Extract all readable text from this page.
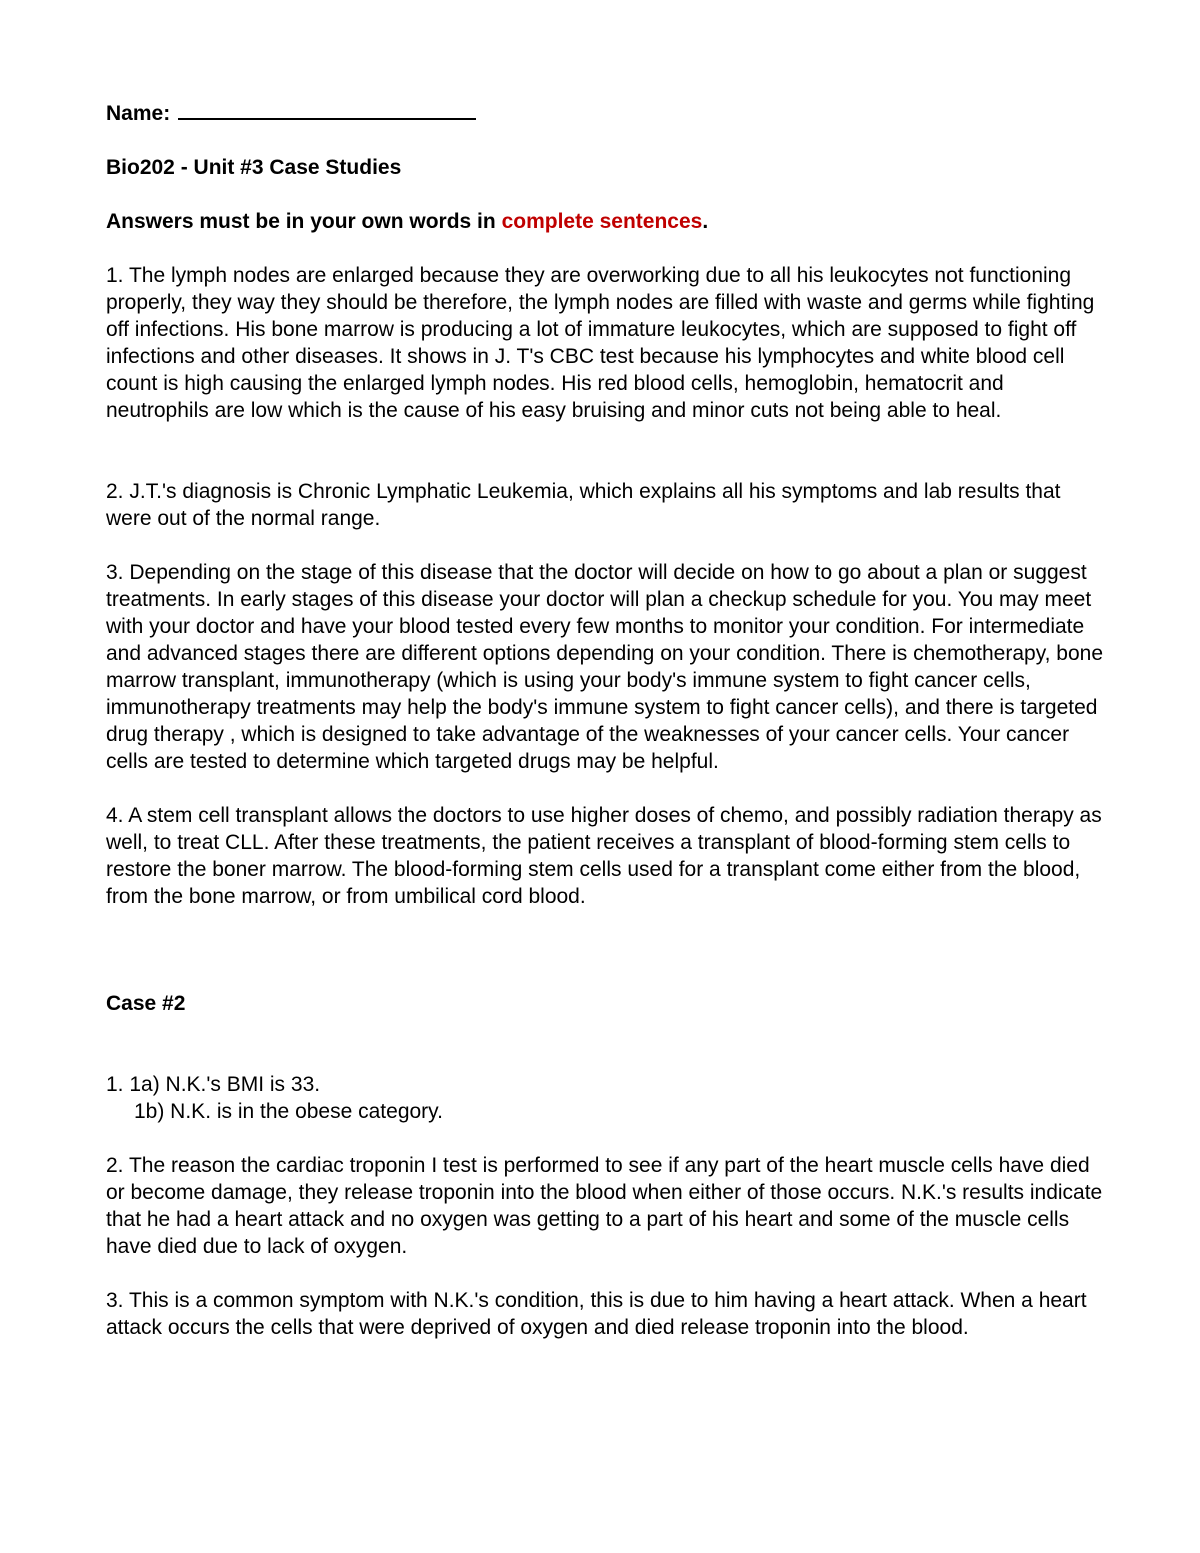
Name:

Bio202 - Unit #3 Case Studies

Answers must be in your own words in complete sentences.

1. The lymph nodes are enlarged because they are overworking due to all his leukocytes not functioning properly, they way they should be therefore, the lymph nodes are filled with waste and germs while fighting off infections. His bone marrow is producing a lot of immature leukocytes, which are supposed to fight off infections and other diseases. It shows in J. T's CBC test because his lymphocytes and white blood cell count is high causing the enlarged lymph nodes. His red blood cells, hemoglobin, hematocrit and neutrophils are low which is the cause of his easy bruising and minor cuts not being able to heal.

2. J.T.'s diagnosis is Chronic Lymphatic Leukemia, which explains all his symptoms and lab results that were out of the normal range.

3. Depending on the stage of this disease that the doctor will decide on how to go about a plan or suggest treatments. In early stages of this disease your doctor will plan a checkup schedule for you. You may meet with your doctor and have your blood tested every few months to monitor your condition. For intermediate and advanced stages there are different options depending on your condition. There is chemotherapy, bone marrow transplant, immunotherapy (which is using your body's immune system to fight cancer cells, immunotherapy treatments may help the body's immune system to fight cancer cells), and there is targeted drug therapy , which is designed to take advantage of the weaknesses of your cancer cells. Your cancer cells are tested to determine which targeted drugs may be helpful.

4. A stem cell transplant allows the doctors to use higher doses of chemo, and possibly radiation therapy as well, to treat CLL. After these treatments, the patient receives a transplant of blood-forming stem cells to restore the boner marrow. The blood-forming stem cells used for a transplant come either from the blood, from the bone marrow, or from umbilical cord blood.

Case #2

1. 1a) N.K.'s BMI is 33.

1b) N.K. is in the obese category.

2. The reason the cardiac troponin I test is performed to see if any part of the heart muscle cells have died or become damage, they release troponin into the blood when either of those occurs. N.K.'s results indicate that he had a heart attack and no oxygen was getting to a part of his heart and some of the muscle cells have died due to lack of oxygen.

3. This is a common symptom with N.K.'s condition, this is due to him having a heart attack. When a heart attack occurs the cells that were deprived of oxygen and died release troponin into the blood.
